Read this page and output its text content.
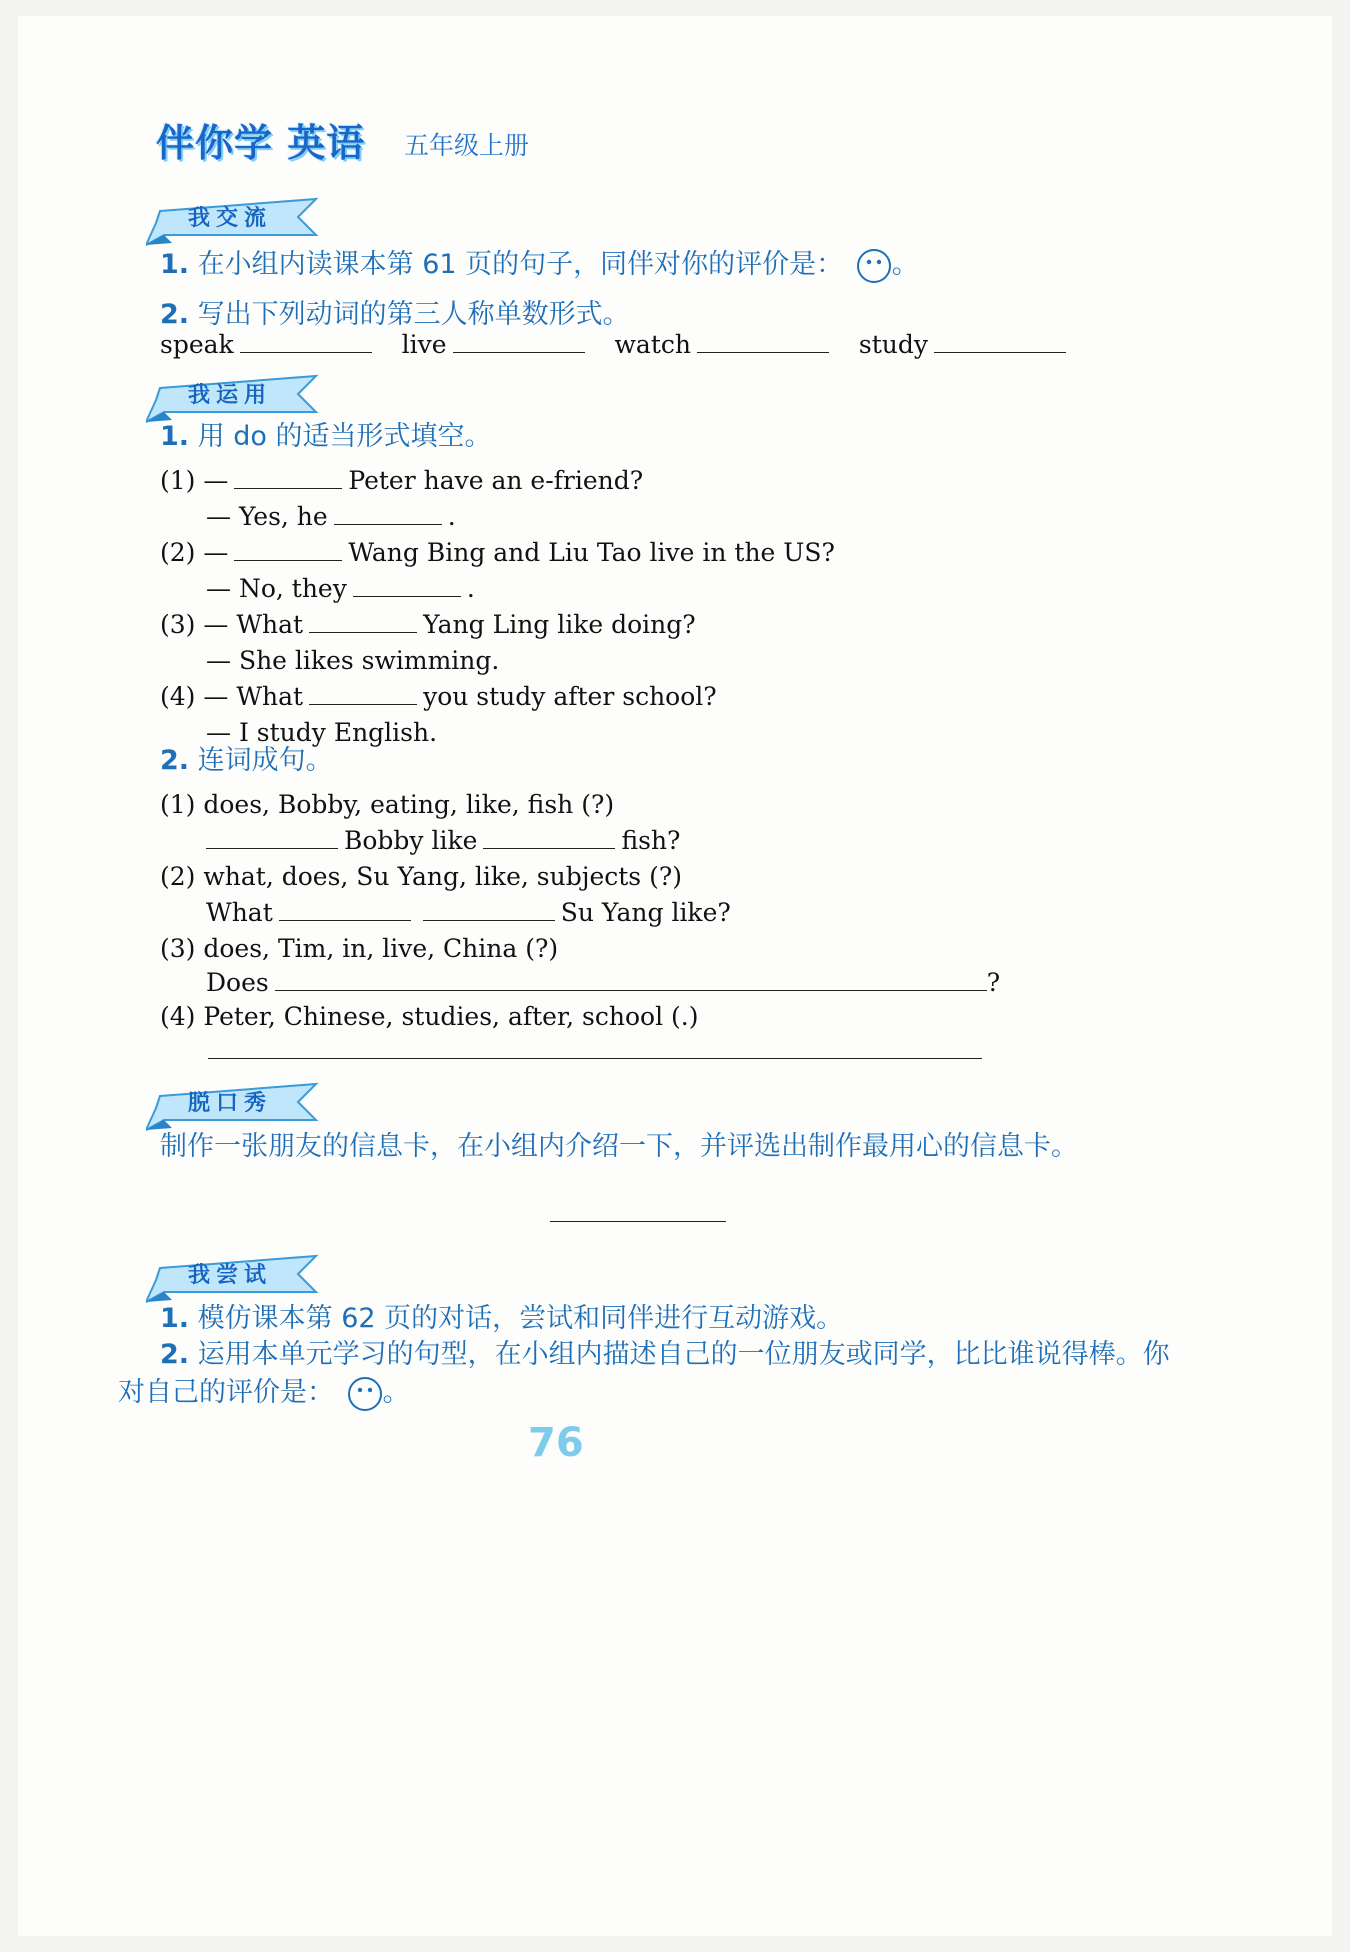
伴你学 英语 五年级上册
我交流
1. 在小组内读课本第 61 页的句子，同伴对你的评价是： 。
2. 写出下列动词的第三人称单数形式。
speak	live	watch	study
我运用
1. 用 do 的适当形式填空。
(1) —	Peter have an e-friend?
— Yes, he	.
(2) —	Wang Bing and Liu Tao live in the US?
— No, they	.
(3) — What	Yang Ling like doing?
— She likes swimming.
(4) — What	you study after school?
— I study English.
2. 连词成句。
(1) does, Bobby, eating, like, fish (?)
Bobby like	fish?
(2) what, does, Su Yang, like, subjects (?)
What	Su Yang like?
(3) does, Tim, in, live, China (?)
Does	?
(4) Peter, Chinese, studies, after, school (.)
脱口秀
制作一张朋友的信息卡，在小组内介绍一下，并评选出制作最用心的信息卡。
我尝试
1. 模仿课本第 62 页的对话，尝试和同伴进行互动游戏。
2. 运用本单元学习的句型，在小组内描述自己的一位朋友或同学，比比谁说得棒。你
对自己的评价是： 。
76
